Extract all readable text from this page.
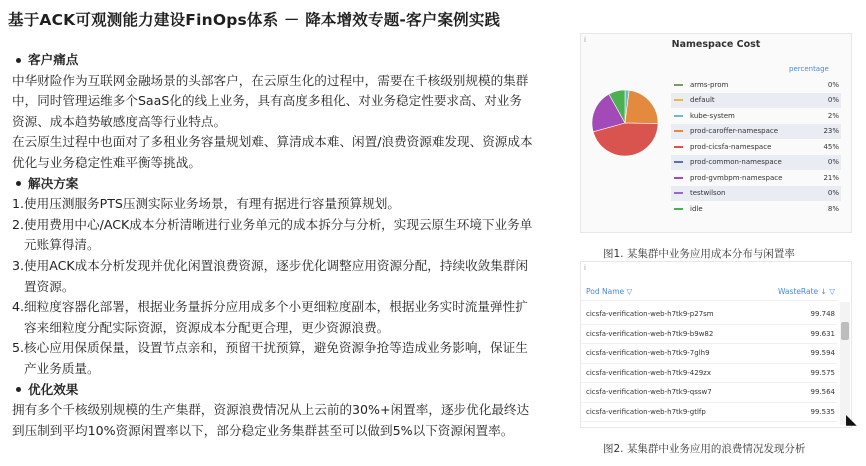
基于ACK可观测能力建设FinOps体系 － 降本增效专题-客户案例实践
客户痛点

中华财险作为互联网金融场景的头部客户，在云原生化的过程中，需要在千核级别规模的集群中，同时管理运维多个SaaS化的线上业务，具有高度多租化、对业务稳定性要求高、对业务资源、成本趋势敏感度高等行业特点。

在云原生过程中也面对了多租业务容量规划难、算清成本难、闲置/浪费资源难发现、资源成本优化与业务稳定性难平衡等挑战。

解决方案
1. 使用压测服务PTS压测实际业务场景，有理有据进行容量预算规划。
2. 使用费用中心/ACK成本分析清晰进行业务单元的成本拆分与分析，实现云原生环境下业务单元账算得清。
3. 使用ACK成本分析发现并优化闲置浪费资源，逐步优化调整应用资源分配，持续收敛集群闲置资源。
4. 细粒度容器化部署，根据业务量拆分应用成多个小更细粒度副本，根据业务实时流量弹性扩容来细粒度分配实际资源，资源成本分配更合理，更少资源浪费。
5. 核心应用保质保量，设置节点亲和，预留干扰预算，避免资源争抢等造成业务影响，保证生产业务质量。
优化效果

拥有多个千核级别规模的生产集群，资源浪费情况从上云前的30%+闲置率，逐步优化最终达到压制到平均10%资源闲置率以下，部分稳定业务集群甚至可以做到5%以下资源闲置率。

i	Namespace Cost
percentage
arms-prom	0%
default	0%
kube-system	2%
prod-caroffer-namespace	23%
prod-cicsfa-namespace	45%
prod-common-namespace	0%
prod-gvmbpm-namespace	21%
testwilson	0%
idle	8%
图1. 某集群中业务应用成本分布与闲置率
i
Pod Name ▽	WasteRate ↓ ▽
cicsfa-verification-web-h7tk9-p27sm	99.748
cicsfa-verification-web-h7tk9-b9w82	99.631
cicsfa-verification-web-h7tk9-7glh9	99.594
cicsfa-verification-web-h7tk9-429zx	99.575
cicsfa-verification-web-h7tk9-qssw7	99.564
cicsfa-verification-web-h7tk9-gtlfp	99.535
图2. 某集群中业务应用的浪费情况发现分析
◣
